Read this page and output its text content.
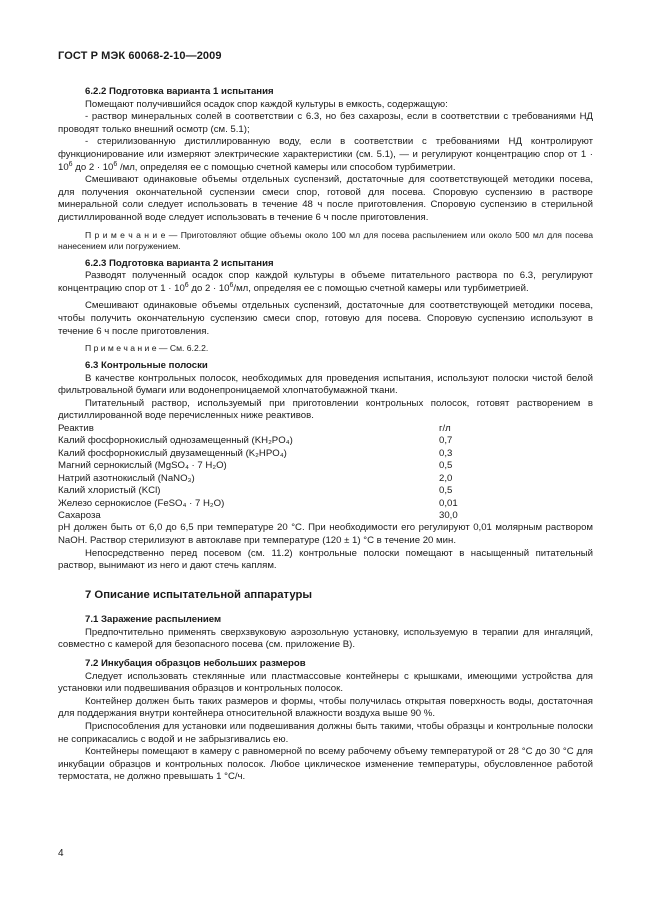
ГОСТ Р МЭК 60068-2-10—2009

6.2.2 Подготовка варианта 1 испытания

Помещают получившийся осадок спор каждой культуры в емкость, содержащую:

- раствор минеральных солей в соответствии с 6.3, но без сахарозы, если в соответствии с требованиями НД проводят только внешний осмотр (см. 5.1);

- стерилизованную дистиллированную воду, если в соответствии с требованиями НД контролируют функционирование или измеряют электрические характеристики (см. 5.1), — и регулируют концентрацию спор от $1 \cdot 10^6$ до $2 \cdot 10^6$ /мл, определяя ее с помощью счетной камеры или способом турбиметрии.

Смешивают одинаковые объемы отдельных суспензий, достаточные для соответствующей методики посева, для получения окончательной суспензии смеси спор, готовой для посева. Споровую суспензию в растворе минеральной соли следует использовать в течение 48 ч после приготовления. Споровую суспензию в стерильной дистиллированной воде следует использовать в течение 6 ч после приготовления.

П р и м е ч а н и е — Приготовляют общие объемы около 100 мл для посева распылением или около 500 мл для посева нанесением или погружением.

6.2.3 Подготовка варианта 2 испытания

Разводят полученный осадок спор каждой культуры в объеме питательного раствора по 6.3, регулируют концентрацию спор от $1 \cdot 10^6$ до $2 \cdot 10^6/мл$, определяя ее с помощью счетной камеры или турбиметрией.

Смешивают одинаковые объемы отдельных суспензий, достаточные для соответствующей методики посева, чтобы получить окончательную суспензию смеси спор, готовую для посева. Споровую суспензию используют в течение 6 ч после приготовления.

П р и м е ч а н и е — См. 6.2.2.

6.3 Контрольные полоски

В качестве контрольных полосок, необходимых для проведения испытания, используют полоски чистой белой фильтровальной бумаги или водонепроницаемой хлопчатобумажной ткани.

Питательный раствор, используемый при приготовлении контрольных полосок, готовят растворением в дистиллированной воде перечисленных ниже реактивов.

Реактив	г/л
Калий фосфорнокислый однозамещенный (KH₂PO₄)	0,7
Калий фосфорнокислый двузамещенный (K₂HPO₄)	0,3
Магний сернокислый (MgSO₄ · 7 H₂O)	0,5
Натрий азотнокислый (NaNO₃)	2,0
Калий хлористый (KCl)	0,5
Железо сернокислое (FeSO₄ · 7 H₂O)	0,01
Сахароза	30,0

pH должен быть от 6,0 до 6,5 при температуре 20 °С. При необходимости его регулируют 0,01 молярным раствором NaOH. Раствор стерилизуют в автоклаве при температуре (120 ± 1) °С в течение 20 мин.

Непосредственно перед посевом (см. 11.2) контрольные полоски помещают в насыщенный питательный раствор, вынимают из него и дают стечь каплям.

7 Описание испытательной аппаратуры

7.1 Заражение распылением

Предпочтительно применять сверхзвуковую аэрозольную установку, используемую в терапии для ингаляций, совместно с камерой для безопасного посева (см. приложение В).

7.2 Инкубация образцов небольших размеров

Следует использовать стеклянные или пластмассовые контейнеры с крышками, имеющими устройства для установки или подвешивания образцов и контрольных полосок.

Контейнер должен быть таких размеров и формы, чтобы получилась открытая поверхность воды, достаточная для поддержания внутри контейнера относительной влажности воздуха выше 90 %.

Приспособления для установки или подвешивания должны быть такими, чтобы образцы и контрольные полоски не соприкасались с водой и не забрызгивались ею.

Контейнеры помещают в камеру с равномерной по всему рабочему объему температурой от 28 °С до 30 °С для инкубации образцов и контрольных полосок. Любое циклическое изменение температуры, обусловленное работой термостата, не должно превышать 1 °С/ч.

4
